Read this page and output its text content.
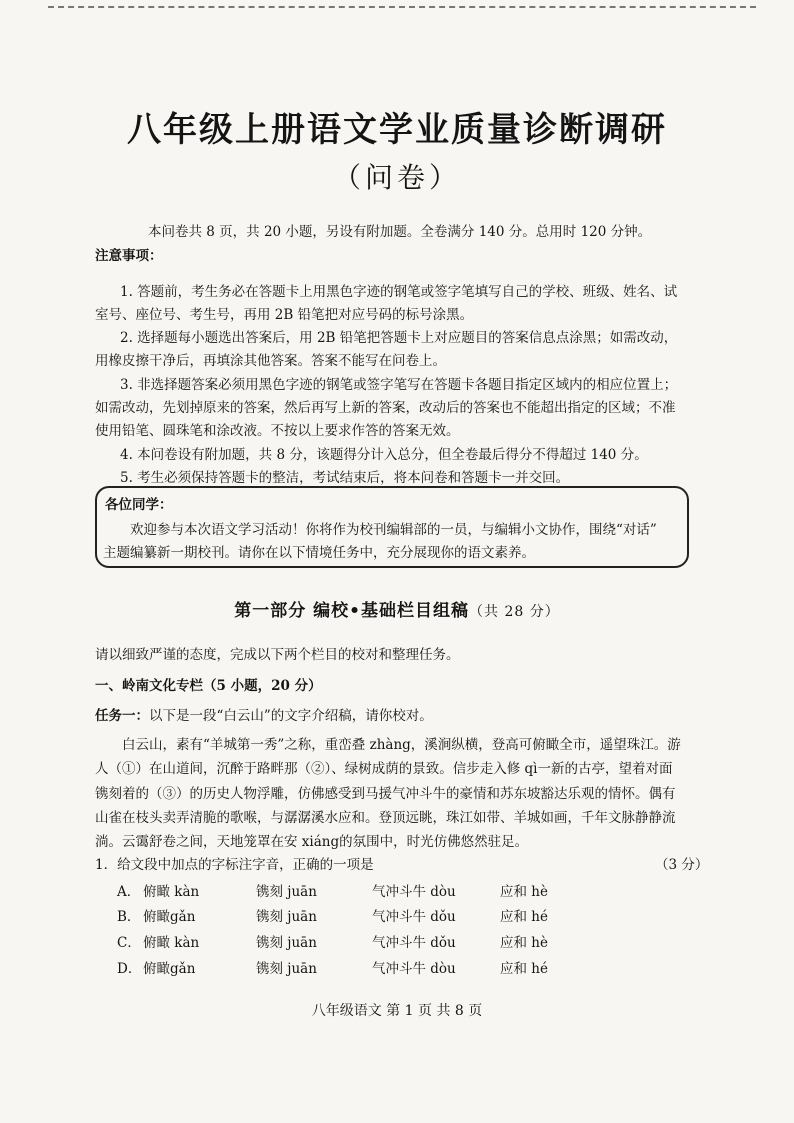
八年级上册语文学业质量诊断调研
（问卷）
本问卷共 8 页，共 20 小题，另设有附加题。全卷满分 140 分。总用时 120 分钟。
注意事项：
1. 答题前，考生务必在答题卡上用黑色字迹的钢笔或签字笔填写自己的学校、班级、姓名、试
室号、座位号、考生号，再用 2B 铅笔把对应号码的标号涂黑。
2. 选择题每小题选出答案后，用 2B 铅笔把答题卡上对应题目的答案信息点涂黑；如需改动，
用橡皮擦干净后，再填涂其他答案。答案不能写在问卷上。
3. 非选择题答案必须用黑色字迹的钢笔或签字笔写在答题卡各题目指定区域内的相应位置上；
如需改动，先划掉原来的答案，然后再写上新的答案，改动后的答案也不能超出指定的区域；不准
使用铅笔、圆珠笔和涂改液。不按以上要求作答的答案无效。
4. 本问卷设有附加题，共 8 分，该题得分计入总分，但全卷最后得分不得超过 140 分。
5. 考生必须保持答题卡的整洁，考试结束后，将本问卷和答题卡一并交回。
各位同学：
欢迎参与本次语文学习活动！你将作为校刊编辑部的一员，与编辑小文协作，围绕“对话”
主题编纂新一期校刊。请你在以下情境任务中，充分展现你的语文素养。
第一部分 编校•基础栏目组稿（共 28 分）
请以细致严谨的态度，完成以下两个栏目的校对和整理任务。
一、岭南文化专栏（5 小题，20 分）
任务一：以下是一段“白云山”的文字介绍稿，请你校对。
白云山，素有“羊城第一秀”之称，重峦叠 zhàng，溪涧纵横，登高可俯瞰全市，遥望珠江。游
人（①）在山道间，沉醉于路畔那（②）、绿树成荫的景致。信步走入修 qì一新的古亭，望着对面
镌刻着的（③）的历史人物浮雕，仿佛感受到马援气冲斗牛的豪情和苏东坡豁达乐观的情怀。偶有
山雀在枝头卖弄清脆的歌喉，与潺潺溪水应和。登顶远眺，珠江如带、羊城如画，千年文脉静静流
淌。云霭舒卷之间，天地笼罩在安 xiáng的氛围中，时光仿佛悠然驻足。
1．给文段中加点的字标注字音，正确的一项是	（3 分）
A． 俯瞰 kàn	镌刻 juān	气冲斗牛 dòu	应和 hè
B． 俯瞰gǎn	镌刻 juān	气冲斗牛 dǒu	应和 hé
C． 俯瞰 kàn	镌刻 juān	气冲斗牛 dǒu	应和 hè
D． 俯瞰gǎn	镌刻 juān	气冲斗牛 dòu	应和 hé
八年级语文 第 1 页 共 8 页
